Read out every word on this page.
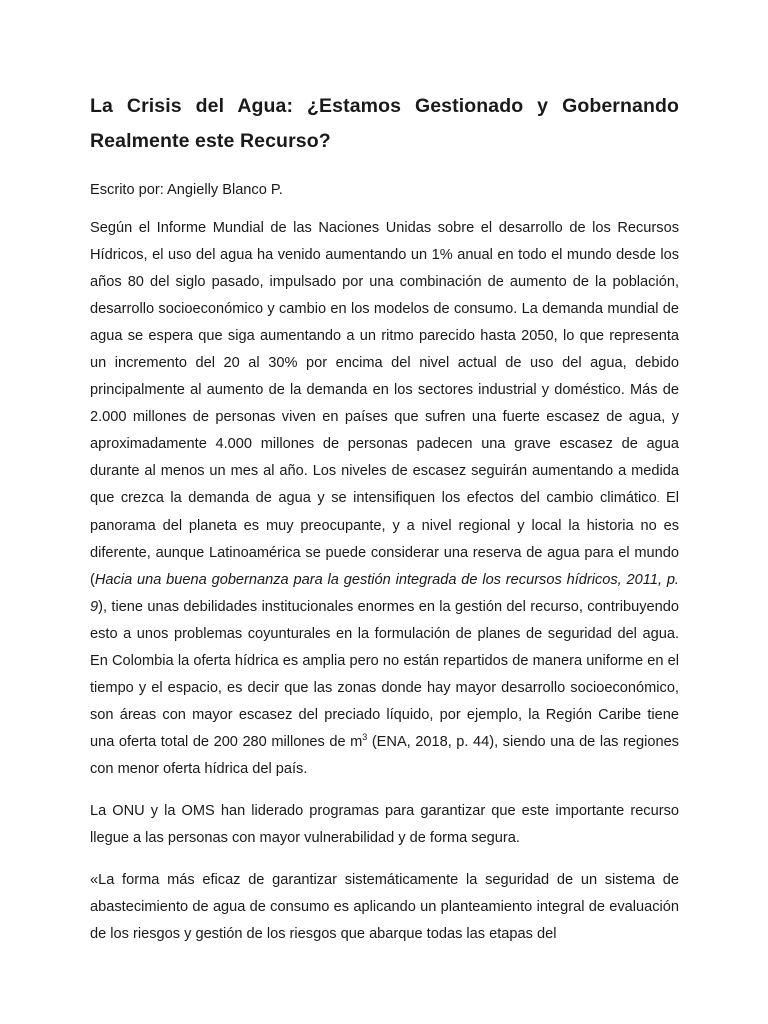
La Crisis del Agua: ¿Estamos Gestionado y Gobernando Realmente este Recurso?

Escrito por: Angielly Blanco P.

Según el Informe Mundial de las Naciones Unidas sobre el desarrollo de los Recursos Hídricos, el uso del agua ha venido aumentando un 1% anual en todo el mundo desde los años 80 del siglo pasado, impulsado por una combinación de aumento de la población, desarrollo socioeconómico y cambio en los modelos de consumo. La demanda mundial de agua se espera que siga aumentando a un ritmo parecido hasta 2050, lo que representa un incremento del 20 al 30% por encima del nivel actual de uso del agua, debido principalmente al aumento de la demanda en los sectores industrial y doméstico. Más de 2.000 millones de personas viven en países que sufren una fuerte escasez de agua, y aproximadamente 4.000 millones de personas padecen una grave escasez de agua durante al menos un mes al año. Los niveles de escasez seguirán aumentando a medida que crezca la demanda de agua y se intensifiquen los efectos del cambio climático. El panorama del planeta es muy preocupante, y a nivel regional y local la historia no es diferente, aunque Latinoamérica se puede considerar una reserva de agua para el mundo (Hacia una buena gobernanza para la gestión integrada de los recursos hídricos, 2011, p. 9), tiene unas debilidades institucionales enormes en la gestión del recurso, contribuyendo esto a unos problemas coyunturales en la formulación de planes de seguridad del agua. En Colombia la oferta hídrica es amplia pero no están repartidos de manera uniforme en el tiempo y el espacio, es decir que las zonas donde hay mayor desarrollo socioeconómico, son áreas con mayor escasez del preciado líquido, por ejemplo, la Región Caribe tiene una oferta total de 200 280 millones de $m^3$ (ENA, 2018, p. 44), siendo una de las regiones con menor oferta hídrica del país.

La ONU y la OMS han liderado programas para garantizar que este importante recurso llegue a las personas con mayor vulnerabilidad y de forma segura.

«La forma más eficaz de garantizar sistemáticamente la seguridad de un sistema de abastecimiento de agua de consumo es aplicando un planteamiento integral de evaluación de los riesgos y gestión de los riesgos que abarque todas las etapas del
